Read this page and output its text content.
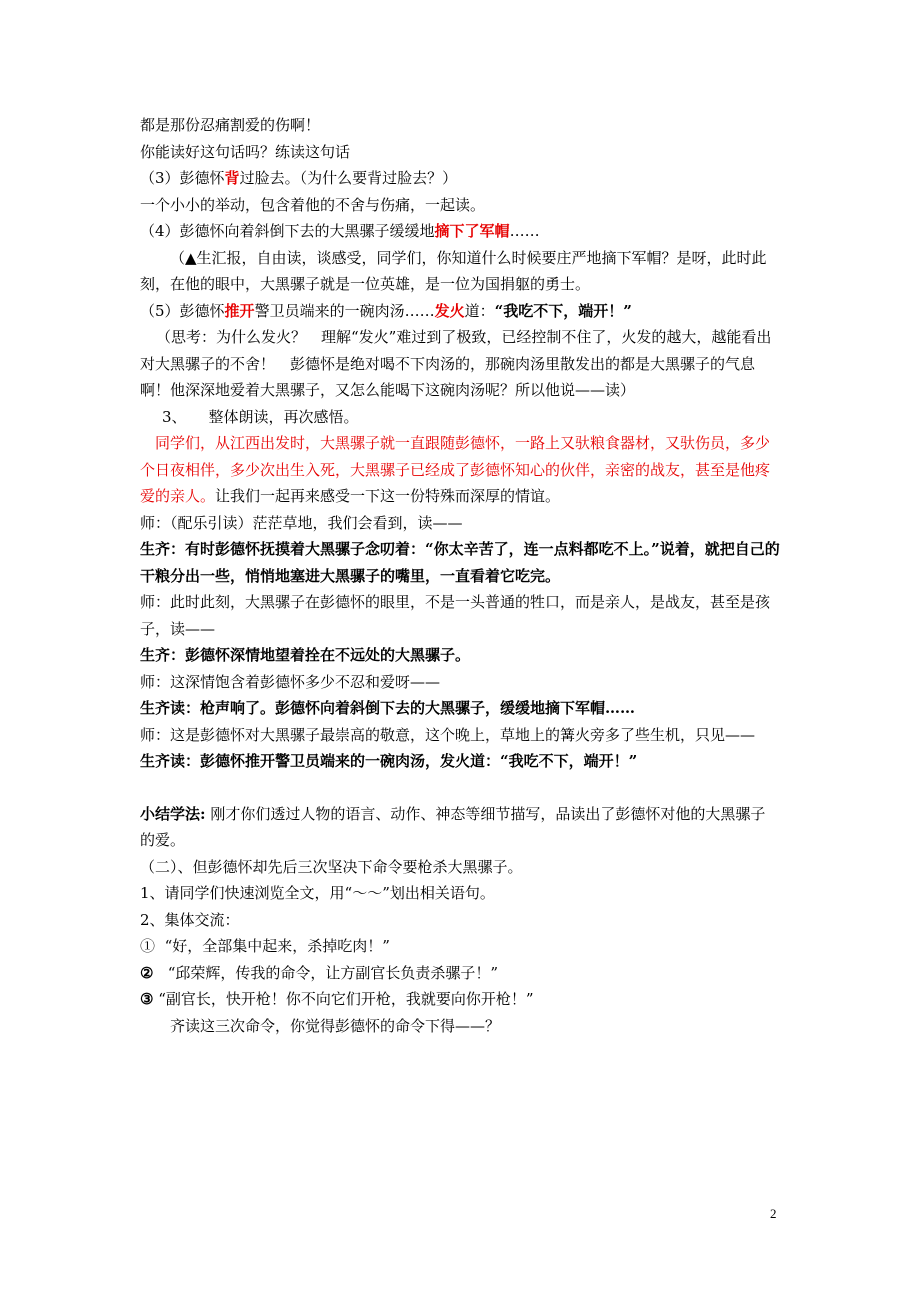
都是那份忍痛割爱的伤啊！
你能读好这句话吗？练读这句话
（3）彭德怀背过脸去。（为什么要背过脸去？）
一个小小的举动，包含着他的不舍与伤痛，一起读。
（4）彭德怀向着斜倒下去的大黑骡子缓缓地摘下了军帽……
（▲生汇报，自由读，谈感受，同学们，你知道什么时候要庄严地摘下军帽？是呀，此时此刻，在他的眼中，大黑骡子就是一位英雄，是一位为国捐躯的勇士。
（5）彭德怀推开警卫员端来的一碗肉汤……发火道：“我吃不下，端开！”
（思考：为什么发火？　理解“发火”难过到了极致，已经控制不住了，火发的越大，越能看出对大黑骡子的不舍！　彭德怀是绝对喝不下肉汤的，那碗肉汤里散发出的都是大黑骡子的气息啊！他深深地爱着大黑骡子，又怎么能喝下这碗肉汤呢？所以他说——读）
3、 整体朗读，再次感悟。
同学们，从江西出发时，大黑骡子就一直跟随彭德怀，一路上又驮粮食器材，又驮伤员，多少个日夜相伴，多少次出生入死，大黑骡子已经成了彭德怀知心的伙伴，亲密的战友，甚至是他疼爱的亲人。让我们一起再来感受一下这一份特殊而深厚的情谊。
师：（配乐引读）茫茫草地，我们会看到，读——
生齐：有时彭德怀抚摸着大黑骡子念叨着：“你太辛苦了，连一点料都吃不上。”说着，就把自己的干粮分出一些，悄悄地塞进大黑骡子的嘴里，一直看着它吃完。
师：此时此刻，大黑骡子在彭德怀的眼里，不是一头普通的牲口，而是亲人，是战友，甚至是孩子，读——
生齐：彭德怀深情地望着拴在不远处的大黑骡子。
师：这深情饱含着彭德怀多少不忍和爱呀——
生齐读：枪声响了。彭德怀向着斜倒下去的大黑骡子，缓缓地摘下军帽……
师：这是彭德怀对大黑骡子最崇高的敬意，这个晚上，草地上的篝火旁多了些生机，只见——
生齐读：彭德怀推开警卫员端来的一碗肉汤，发火道：“我吃不下，端开！”
小结学法: 刚才你们透过人物的语言、动作、神态等细节描写，品读出了彭德怀对他的大黑骡子的爱。
（二）、但彭德怀却先后三次坚决下命令要枪杀大黑骡子。
1、请同学们快速浏览全文，用“～～”划出相关语句。
2、集体交流：
① “好，全部集中起来，杀掉吃肉！”
② “邱荣辉，传我的命令，让方副官长负责杀骡子！”
③ “副官长，快开枪！你不向它们开枪，我就要向你开枪！”
齐读这三次命令，你觉得彭德怀的命令下得——？
2
